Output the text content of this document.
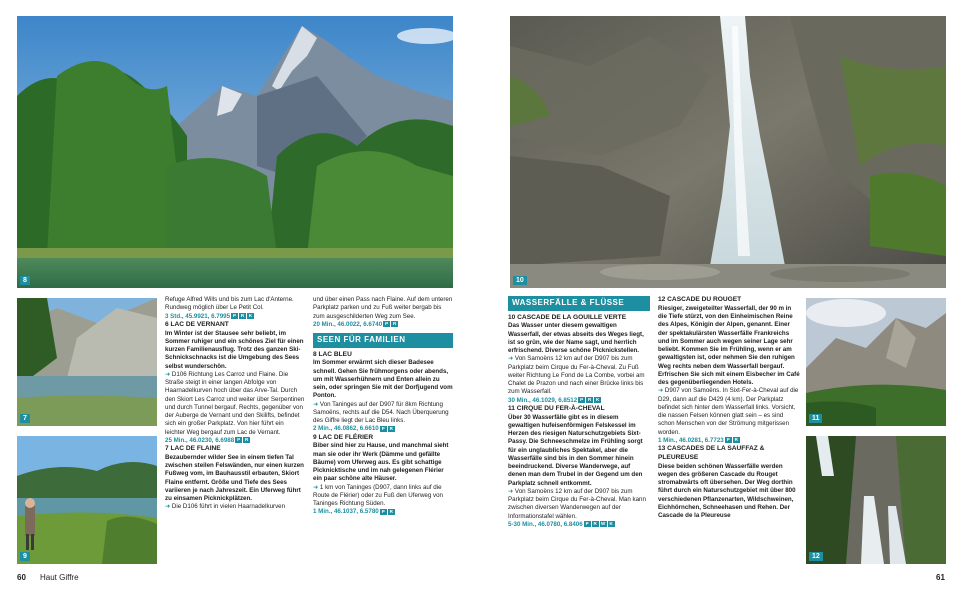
8	10
7
9
11
12

Refuge Alfred Wills und bis zum Lac d'Anterne. Rundweg möglich über Le Petit Col.

3 Std., 45.9921, 6.7995 P R K

6 LAC DE VERNANT

Im Winter ist der Stausee sehr beliebt, im Sommer ruhiger und ein schönes Ziel für einen kurzen Familienausflug. Trotz des ganzen Ski-Schnickschnacks ist die Umgebung des Sees selbst wunderschön.

➜ D106 Richtung Les Carroz und Flaine. Die Straße steigt in einer langen Abfolge von Haarnadelkurven hoch über das Arve-Tal. Durch den Skiort Les Carroz und weiter über Serpentinen und durch Tunnel bergauf. Rechts, gegenüber von der Auberge de Vernant und den Skilifts, befindet sich ein großer Parkplatz. Von hier führt ein leichter Weg bergauf zum Lac de Vernant.

25 Min., 46.0230, 6.6988 P R

7 LAC DE FLAINE

Bezaubernder wilder See in einem tiefen Tal zwischen steilen Felswänden, nur einen kurzen Fußweg vom, im Bauhausstil erbauten, Skiort Flaine entfernt. Größe und Tiefe des Sees variieren je nach Jahreszeit. Ein Uferweg führt zu einsamen Picknickplätzen.

➜ Die D106 führt in vielen Haarnadelkurven

und über einen Pass nach Flaine. Auf dem unteren Parkplatz parken und zu Fuß weiter bergab bis zum ausgeschilderten Weg zum See.

20 Min., 46.0022, 6.6740 P R

SEEN FÜR FAMILIEN

8 LAC BLEU

Im Sommer erwärmt sich dieser Badesee schnell. Gehen Sie frühmorgens oder abends, um mit Wasserhühnern und Enten allein zu sein, oder springen Sie mit der Dorfjugend vom Ponton.

➜ Von Taninges auf der D907 für 8km Richtung Samoëns, rechts auf die D54. Nach Überquerung des Giffre liegt der Lac Bleu links.

2 Min., 46.0862, 6.6610 P R

9 LAC DE FLÉRIER

Biber sind hier zu Hause, und manchmal sieht man sie oder ihr Werk (Dämme und gefällte Bäume) vom Uferweg aus. Es gibt schattige Picknicktische und im nah gelegenen Flérier ein paar schöne alte Häuser.

➜ 1 km von Taninges (D907, dann links auf die Route de Flérier) oder zu Fuß den Uferweg von Taninges Richtung Süden.

1 Min., 46.1037, 6.5780 P R

WASSERFÄLLE & FLÜSSE

10 CASCADE DE LA GOUILLE VERTE

Das Wasser unter diesem gewaltigen Wasserfall, der etwas abseits des Weges liegt, ist so grün, wie der Name sagt, und herrlich erfrischend. Diverse schöne Picknickstellen.

➜ Von Samoëns 12 km auf der D907 bis zum Parkplatz beim Cirque du Fer-à-Cheval. Zu Fuß weiter Richtung Le Fond de La Combe, vorbei am Chalet de Prazon und nach einer Brücke links bis zum Wasserfall.

30 Min., 46.1029, 6.8512 P R K

11 CIRQUE DU FER-À-CHEVAL

Über 30 Wasserfälle gibt es in diesem gewaltigen hufeisenförmigen Felskessel im Herzen des riesigen Naturschutzgebiets Sixt-Passy. Die Schneeschmelze im Frühling sorgt für ein unglaubliches Spektakel, aber die Wasserfälle sind bis in den Sommer hinein beeindruckend. Diverse Wanderwege, auf denen man dem Trubel in der Gegend um den Parkplatz schnell entkommt.

➜ Von Samoëns 12 km auf der D907 bis zum Parkplatz beim Cirque du Fer-à-Cheval. Man kann zwischen diversen Wanderwegen auf der Informationstafel wählen.

5-30 Min., 46.0780, 6.8406 P R W K

12 CASCADE DU ROUGET

Riesiger, zweigeteilter Wasserfall, der 90 m in die Tiefe stürzt, von den Einheimischen Reine des Alpes, Königin der Alpen, genannt. Einer der spektakulärsten Wasserfälle Frankreichs und im Sommer auch wegen seiner Lage sehr beliebt. Kommen Sie im Frühling, wenn er am gewaltigsten ist, oder nehmen Sie den ruhigen Weg rechts neben dem Wasserfall bergauf. Erfrischen Sie sich mit einem Eisbecher im Café des gegenüberliegenden Hotels.

➜ D907 von Samoëns. In Sixt-Fer-à-Cheval auf die D29, dann auf die D429 (4 km). Der Parkplatz befindet sich hinter dem Wasserfall links. Vorsicht, die nassen Felsen können glatt sein – es sind schon Menschen von der Strömung mitgerissen worden.

1 Min., 46.0281, 6.7723 P R

13 CASCADES DE LA SAUFFAZ & PLEUREUSE

Diese beiden schönen Wasserfälle werden wegen des größeren Cascade du Rouget stromabwärts oft übersehen. Der Weg dorthin führt durch ein Naturschutzgebiet mit über 800 verschiedenen Pflanzenarten, Wildschweinen, Eichhörnchen, Schneehasen und Rehen. Der Cascade de la Pleureuse

60 Haut Giffre	61
